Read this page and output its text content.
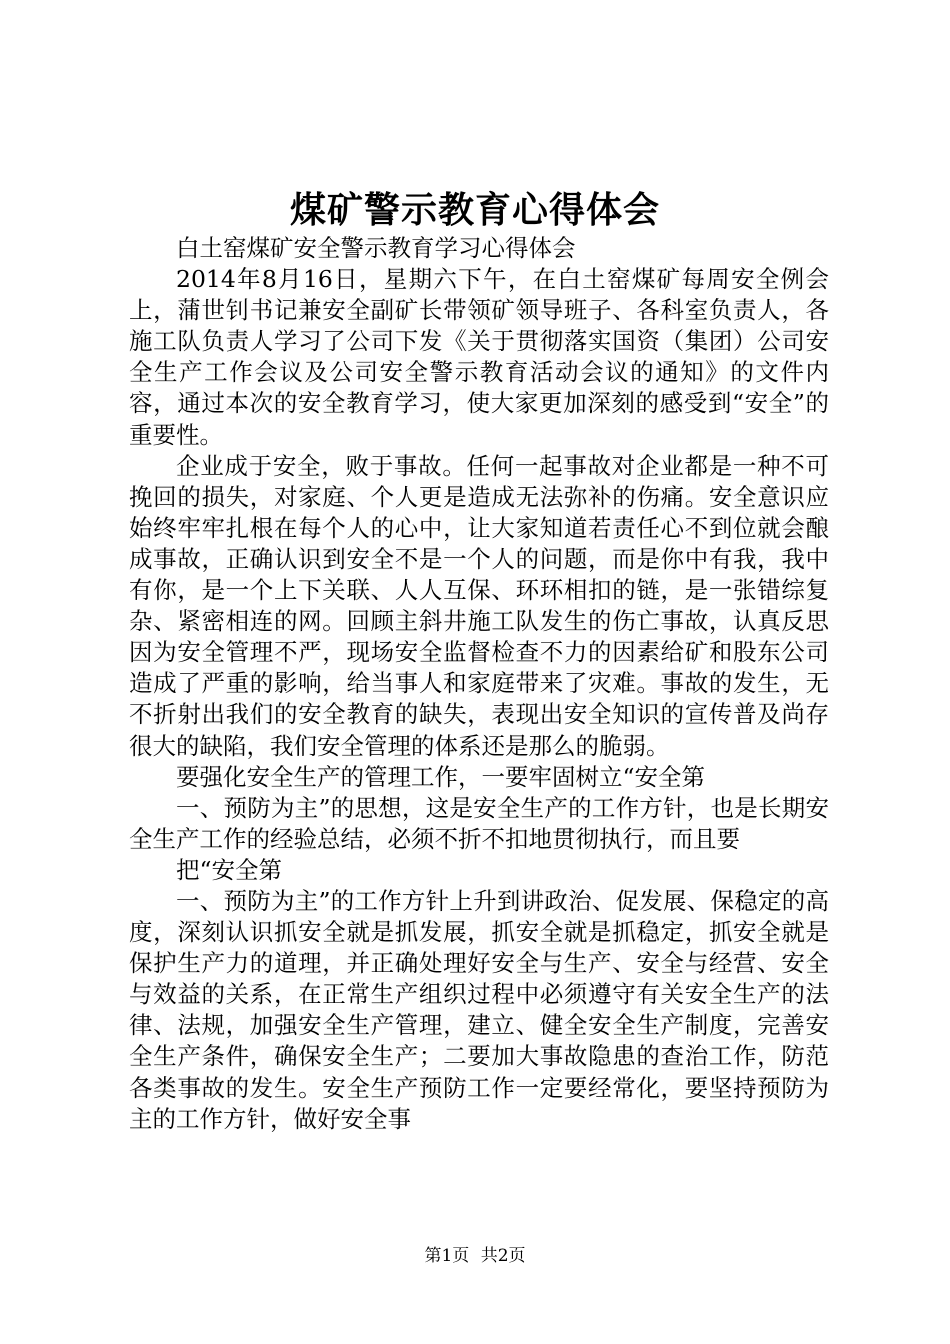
煤矿警示教育心得体会

白土窑煤矿安全警示教育学习心得体会

2014年8月16日，星期六下午，在白土窑煤矿每周安全例会上，蒲世钊书记兼安全副矿长带领矿领导班子、各科室负责人，各施工队负责人学习了公司下发《关于贯彻落实国资（集团）公司安全生产工作会议及公司安全警示教育活动会议的通知》的文件内容，通过本次的安全教育学习，使大家更加深刻的感受到“安全”的重要性。

企业成于安全，败于事故。任何一起事故对企业都是一种不可挽回的损失，对家庭、个人更是造成无法弥补的伤痛。安全意识应始终牢牢扎根在每个人的心中，让大家知道若责任心不到位就会酿成事故，正确认识到安全不是一个人的问题，而是你中有我，我中有你，是一个上下关联、人人互保、环环相扣的链，是一张错综复杂、紧密相连的网。回顾主斜井施工队发生的伤亡事故，认真反思因为安全管理不严，现场安全监督检查不力的因素给矿和股东公司造成了严重的影响，给当事人和家庭带来了灾难。事故的发生，无不折射出我们的安全教育的缺失，表现出安全知识的宣传普及尚存很大的缺陷，我们安全管理的体系还是那么的脆弱。

要强化安全生产的管理工作，一要牢固树立“安全第

一、预防为主”的思想，这是安全生产的工作方针，也是长期安全生产工作的经验总结，必须不折不扣地贯彻执行，而且要

把“安全第

一、预防为主”的工作方针上升到讲政治、促发展、保稳定的高度，深刻认识抓安全就是抓发展，抓安全就是抓稳定，抓安全就是保护生产力的道理，并正确处理好安全与生产、安全与经营、安全与效益的关系，在正常生产组织过程中必须遵守有关安全生产的法律、法规，加强安全生产管理，建立、健全安全生产制度，完善安全生产条件，确保安全生产；二要加大事故隐患的查治工作，防范各类事故的发生。安全生产预防工作一定要经常化，要坚持预防为主的工作方针，做好安全事

第1页 共2页
